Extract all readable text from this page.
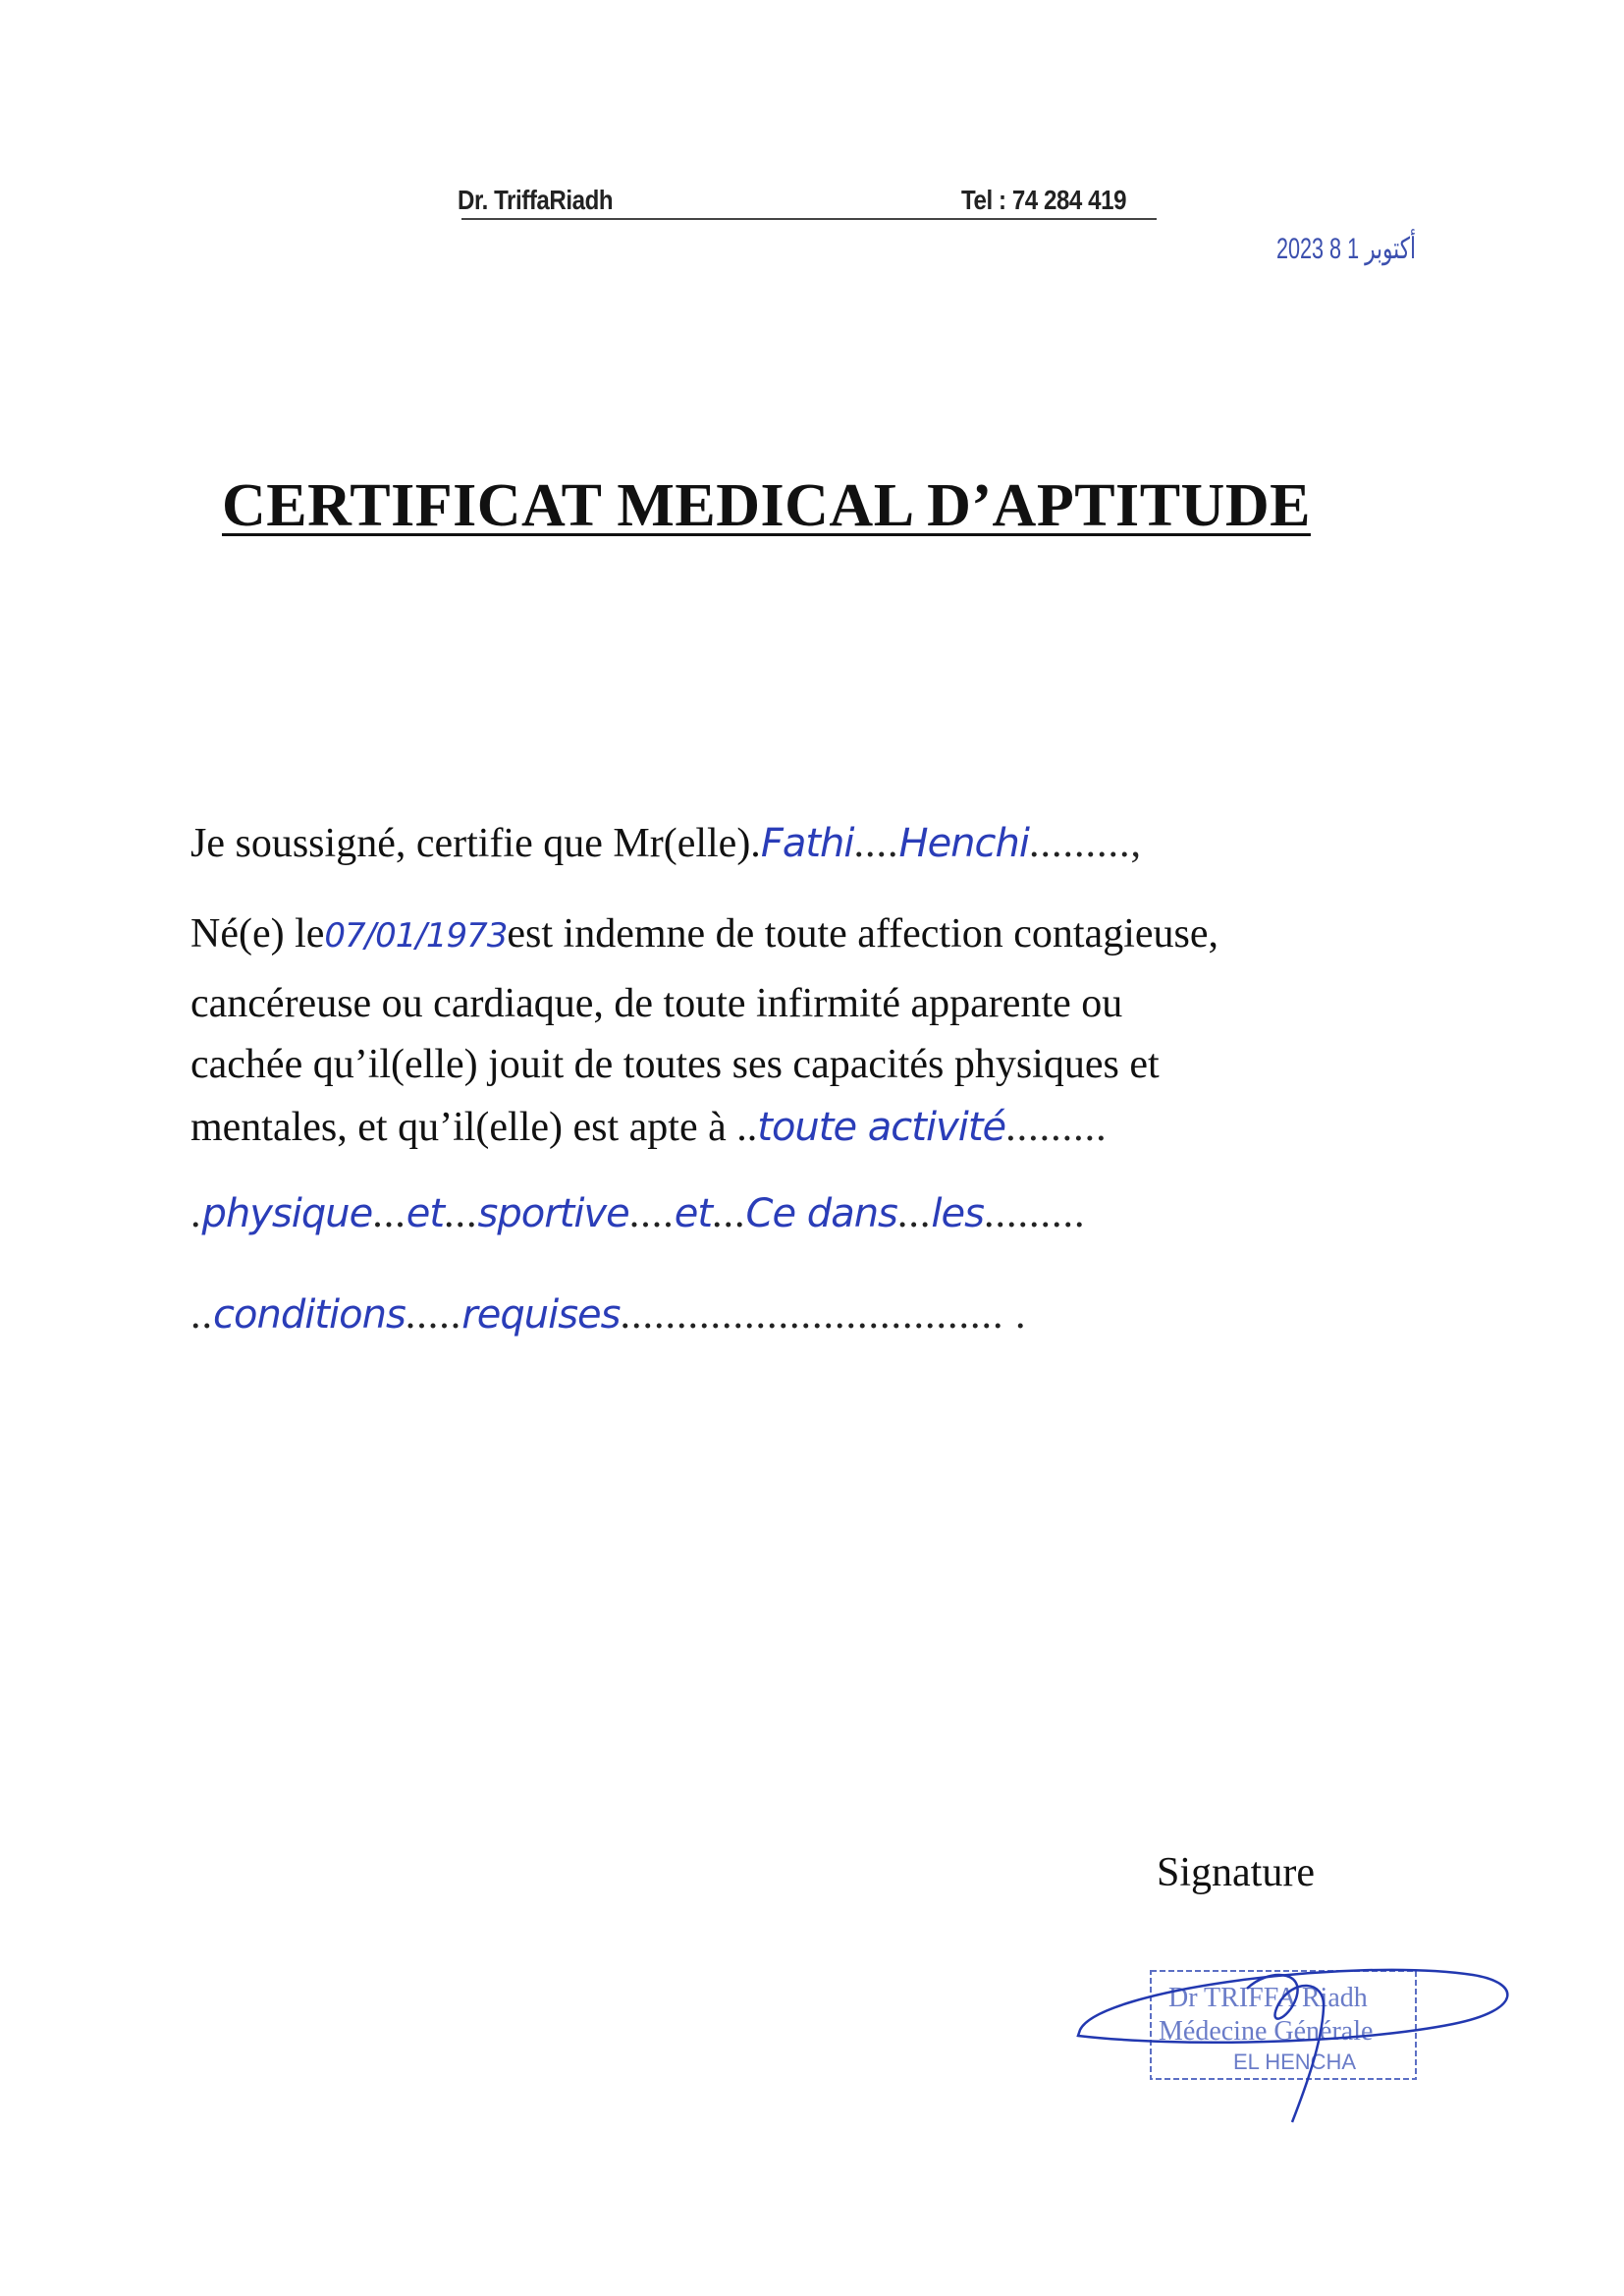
Dr. TriffaRiadh	Tel : 74 284 419
2023 أكتوبر 1 8
CERTIFICAT MEDICAL D’APTITUDE
Je soussigné, certifie que Mr(elle).Fathi....Henchi.........,
Né(e) le07/01/1973est indemne de toute affection contagieuse,
cancéreuse ou cardiaque, de toute infirmité apparente ou
cachée qu’il(elle) jouit de toutes ses capacités physiques et
mentales, et qu’il(elle) est apte à ..toute activité.........
.physique...et...sportive....et...Ce dans...les.........
..conditions.....requises.................................. .
Signature
Dr TRIFFA Riadh
Médecine Générale
EL HENCHA
